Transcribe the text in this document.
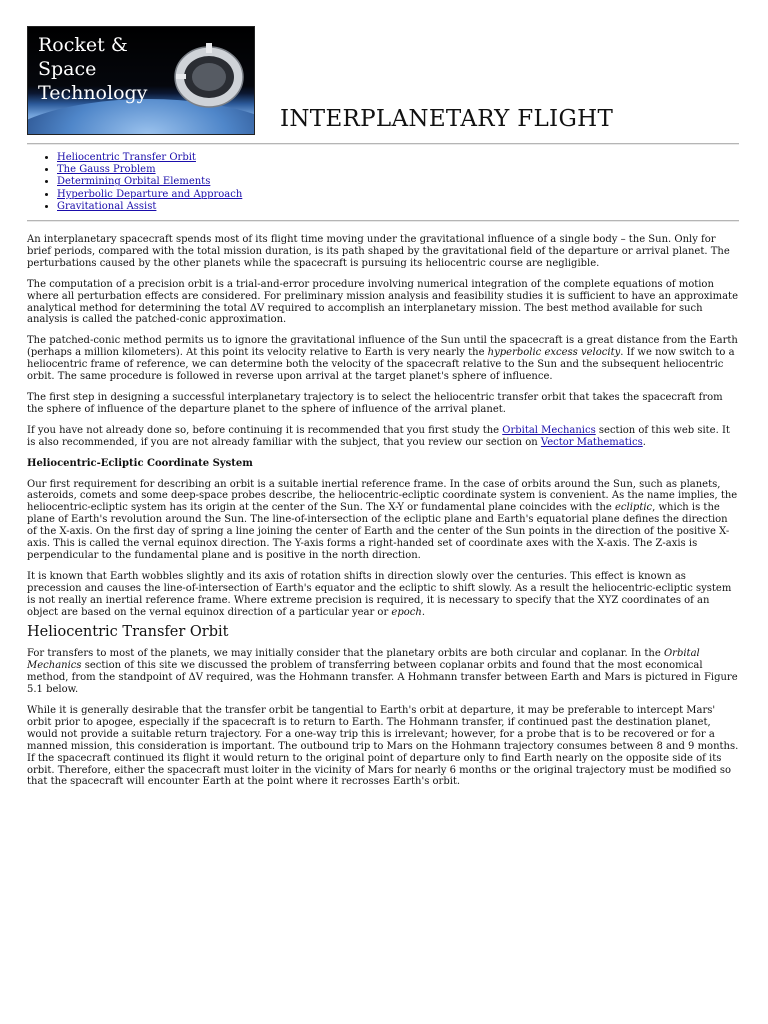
Rocket & Space
Technology
INTERPLANETARY FLIGHT
• Heliocentric Transfer Orbit
• The Gauss Problem
• Determining Orbital Elements
• Hyperbolic Departure and Approach
• Gravitational Assist

An interplanetary spacecraft spends most of its flight time moving under the gravitational influence of a single body – the Sun. Only for brief periods, compared with the total mission duration, is its path shaped by the gravitational field of the departure or arrival planet. The perturbations caused by the other planets while the spacecraft is pursuing its heliocentric course are negligible.

The computation of a precision orbit is a trial-and-error procedure involving numerical integration of the complete equations of motion where all perturbation effects are considered. For preliminary mission analysis and feasibility studies it is sufficient to have an approximate analytical method for determining the total ΔV required to accomplish an interplanetary mission. The best method available for such analysis is called the patched-conic approximation.

The patched-conic method permits us to ignore the gravitational influence of the Sun until the spacecraft is a great distance from the Earth (perhaps a million kilometers). At this point its velocity relative to Earth is very nearly the hyperbolic excess velocity. If we now switch to a heliocentric frame of reference, we can determine both the velocity of the spacecraft relative to the Sun and the subsequent heliocentric orbit. The same procedure is followed in reverse upon arrival at the target planet's sphere of influence.

The first step in designing a successful interplanetary trajectory is to select the heliocentric transfer orbit that takes the spacecraft from the sphere of influence of the departure planet to the sphere of influence of the arrival planet.

If you have not already done so, before continuing it is recommended that you first study the Orbital Mechanics section of this web site. It is also recommended, if you are not already familiar with the subject, that you review our section on Vector Mathematics.

Heliocentric-Ecliptic Coordinate System

Our first requirement for describing an orbit is a suitable inertial reference frame. In the case of orbits around the Sun, such as planets, asteroids, comets and some deep-space probes describe, the heliocentric-ecliptic coordinate system is convenient. As the name implies, the heliocentric-ecliptic system has its origin at the center of the Sun. The X-Y or fundamental plane coincides with the ecliptic, which is the plane of Earth's revolution around the Sun. The line-of-intersection of the ecliptic plane and Earth's equatorial plane defines the direction of the X-axis. On the first day of spring a line joining the center of Earth and the center of the Sun points in the direction of the positive X-axis. This is called the vernal equinox direction. The Y-axis forms a right-handed set of coordinate axes with the X-axis. The Z-axis is perpendicular to the fundamental plane and is positive in the north direction.

It is known that Earth wobbles slightly and its axis of rotation shifts in direction slowly over the centuries. This effect is known as precession and causes the line-of-intersection of Earth's equator and the ecliptic to shift slowly. As a result the heliocentric-ecliptic system is not really an inertial reference frame. Where extreme precision is required, it is necessary to specify that the XYZ coordinates of an object are based on the vernal equinox direction of a particular year or epoch.

Heliocentric Transfer Orbit

For transfers to most of the planets, we may initially consider that the planetary orbits are both circular and coplanar. In the Orbital Mechanics section of this site we discussed the problem of transferring between coplanar orbits and found that the most economical method, from the standpoint of ΔV required, was the Hohmann transfer. A Hohmann transfer between Earth and Mars is pictured in Figure 5.1 below.

While it is generally desirable that the transfer orbit be tangential to Earth's orbit at departure, it may be preferable to intercept Mars' orbit prior to apogee, especially if the spacecraft is to return to Earth. The Hohmann transfer, if continued past the destination planet, would not provide a suitable return trajectory. For a one-way trip this is irrelevant; however, for a probe that is to be recovered or for a manned mission, this consideration is important. The outbound trip to Mars on the Hohmann trajectory consumes between 8 and 9 months. If the spacecraft continued its flight it would return to the original point of departure only to find Earth nearly on the opposite side of its orbit. Therefore, either the spacecraft must loiter in the vicinity of Mars for nearly 6 months or the original trajectory must be modified so that the spacecraft will encounter Earth at the point where it recrosses Earth's orbit.
